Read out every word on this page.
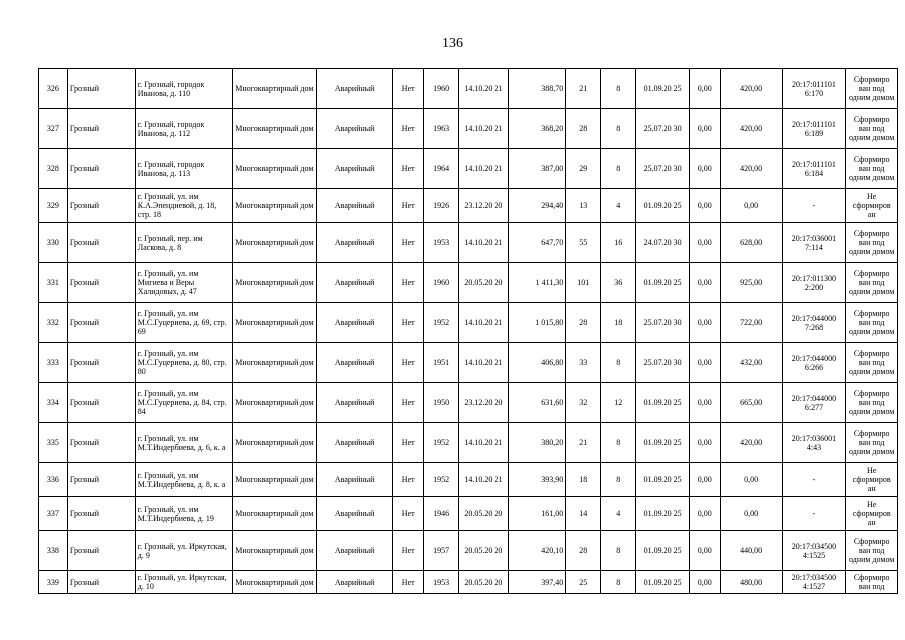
136
326	Грозный	г. Грозный, городок Иванова, д. 110	Многоквартирный дом	Аварийный	Нет	1960	14.10.20 21	388,70	21	8	01.09.20 25	0,00	420,00	20:17:011101 6:170	Сформиро ван под одним домом
327	Грозный	г. Грозный, городок Иванова, д. 112	Многоквартирный дом	Аварийный	Нет	1963	14.10.20 21	368,20	28	8	25.07.20 30	0,00	420,00	20:17:011101 6:189	Сформиро ван под одним домом
328	Грозный	г. Грозный, городок Иванова, д. 113	Многоквартирный дом	Аварийный	Нет	1964	14.10.20 21	387,00	29	8	25.07.20 30	0,00	420,00	20:17:011101 6:184	Сформиро ван под одним домом
329	Грозный	г. Грозный, ул. им К.А.Эпендиевой, д. 18, стр. 18	Многоквартирный дом	Аварийный	Нет	1926	23.12.20 20	294,40	13	4	01.09.20 25	0,00	0,00	-	Не сформиров ан
330	Грозный	г. Грозный, пер. им Ласкова, д. 8	Многоквартирный дом	Аварийный	Нет	1953	14.10.20 21	647,70	55	16	24.07.20 30	0,00	628,00	20:17:036001 7:114	Сформиро ван под одним домом
331	Грозный	г. Грозный, ул. им Мигиева и Веры Халидовых, д. 47	Многоквартирный дом	Аварийный	Нет	1960	20.05.20 20	1 411,30	101	36	01.09.20 25	0,00	925,00	20:17:011300 2:200	Сформиро ван под одним домом
332	Грозный	г. Грозный, ул. им М.С.Гуцериева, д. 69, стр. 69	Многоквартирный дом	Аварийный	Нет	1952	14.10.20 21	1 015,80	28	18	25.07.20 30	0,00	722,00	20:17:044000 7:268	Сформиро ван под одним домом
333	Грозный	г. Грозный, ул. им М.С.Гуцериева, д. 80, стр. 80	Многоквартирный дом	Аварийный	Нет	1951	14.10.20 21	406,80	33	8	25.07.20 30	0,00	432,00	20:17:044000 6:266	Сформиро ван под одним домом
334	Грозный	г. Грозный, ул. им М.С.Гуцериева, д. 84, стр. 84	Многоквартирный дом	Аварийный	Нет	1950	23.12.20 20	631,60	32	12	01.09.20 25	0,00	665,00	20:17:044000 6:277	Сформиро ван под одним домом
335	Грозный	г. Грозный, ул. им М.Т.Индербиева, д. 6, к. а	Многоквартирный дом	Аварийный	Нет	1952	14.10.20 21	380,20	21	8	01.09.20 25	0,00	420,00	20:17:036001 4:43	Сформиро ван под одним домом
336	Грозный	г. Грозный, ул. им М.Т.Индербиева, д. 8, к. а	Многоквартирный дом	Аварийный	Нет	1952	14.10.20 21	393,90	18	8	01.09.20 25	0,00	0,00	-	Не сформиров ан
337	Грозный	г. Грозный, ул. им М.Т.Индербиева, д. 19	Многоквартирный дом	Аварийный	Нет	1946	20.05.20 20	161,00	14	4	01.09.20 25	0,00	0,00	-	Не сформиров ан
338	Грозный	г. Грозный, ул. Иркутская, д. 9	Многоквартирный дом	Аварийный	Нет	1957	20.05.20 20	420,10	28	8	01.09.20 25	0,00	440,00	20:17:034500 4:1525	Сформиро ван под одним домом
339	Грозный	г. Грозный, ул. Иркутская, д. 10	Многоквартирный дом	Аварийный	Нет	1953	20.05.20 20	397,40	25	8	01.09.20 25	0,00	480,00	20:17:034500 4:1527	Сформиро ван под
